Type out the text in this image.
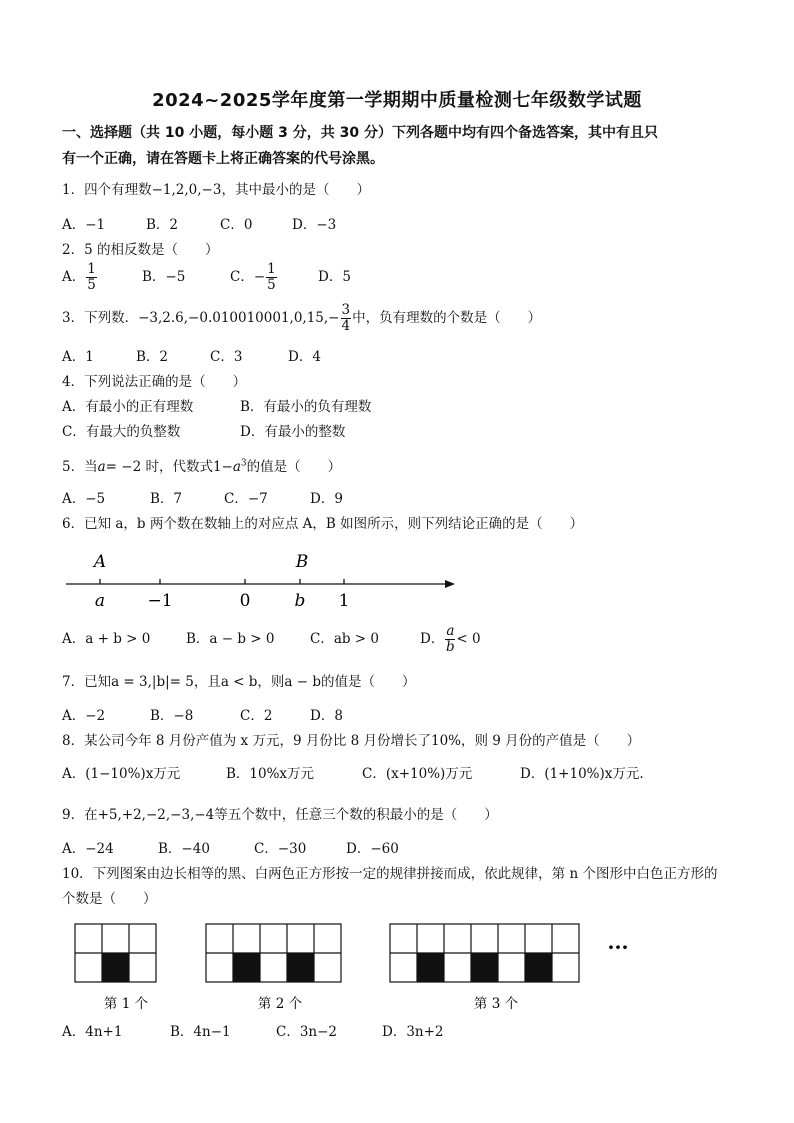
2024~2025学年度第一学期期中质量检测七年级数学试题
一、选择题（共 10 小题，每小题 3 分，共 30 分）下列各题中均有四个备选答案，其中有且只
有一个正确，请在答题卡上将正确答案的代号涂黑。
1．四个有理数−1,2,0,−3，其中最小的是（　　）
A．−1	B．2	C．0	D．−3
2．5 的相反数是（　　）
A． $\frac{1}{5}$	B．−5	C．− $\frac{1}{5}$	D．5
3．下列数．$-3,2.6,-0.010010001,0,15,- \frac{3}{4}$ 中，负有理数的个数是（　　）
A．1	B．2	C．3	D．4
4．下列说法正确的是（　　）
A．有最小的正有理数	B．有最小的负有理数
C．有最大的负整数	D．有最小的整数
5．当a= −2 时，代数式$1-a^3$的值是（　　）
A．−5	B．7	C．−7	D．9
6．已知 a，b 两个数在数轴上的对应点 A，B 如图所示，则下列结论正确的是（　　）
A	B
a −1	0	b 1
A．a + b > 0	B．a − b > 0	C．ab > 0	D． $\frac{a}{b} < 0$
7．已知a = 3,|b|= 5，且a < b，则a − b的值是（　　）
A．−2	B．−8	C．2	D．8
8．某公司今年 8 月份产值为 x 万元，9 月份比 8 月份增长了10%，则 9 月份的产值是（　　）
A．(1−10%)x万元	B．10%x万元	C．(x+10%)万元	D．(1+10%)x万元.
9．在+5,+2,−2,−3,−4等五个数中，任意三个数的积最小的是（　　）
A．−24	B．−40	C．−30	D．−60
10．下列图案由边长相等的黑、白两色正方形按一定的规律拼接而成，依此规律，第 n 个图形中白色正方形的
个数是（　　）
···
第 1 个	第 2 个	第 3 个
A．4n+1	B．4n−1	C．3n−2	D．3n+2
